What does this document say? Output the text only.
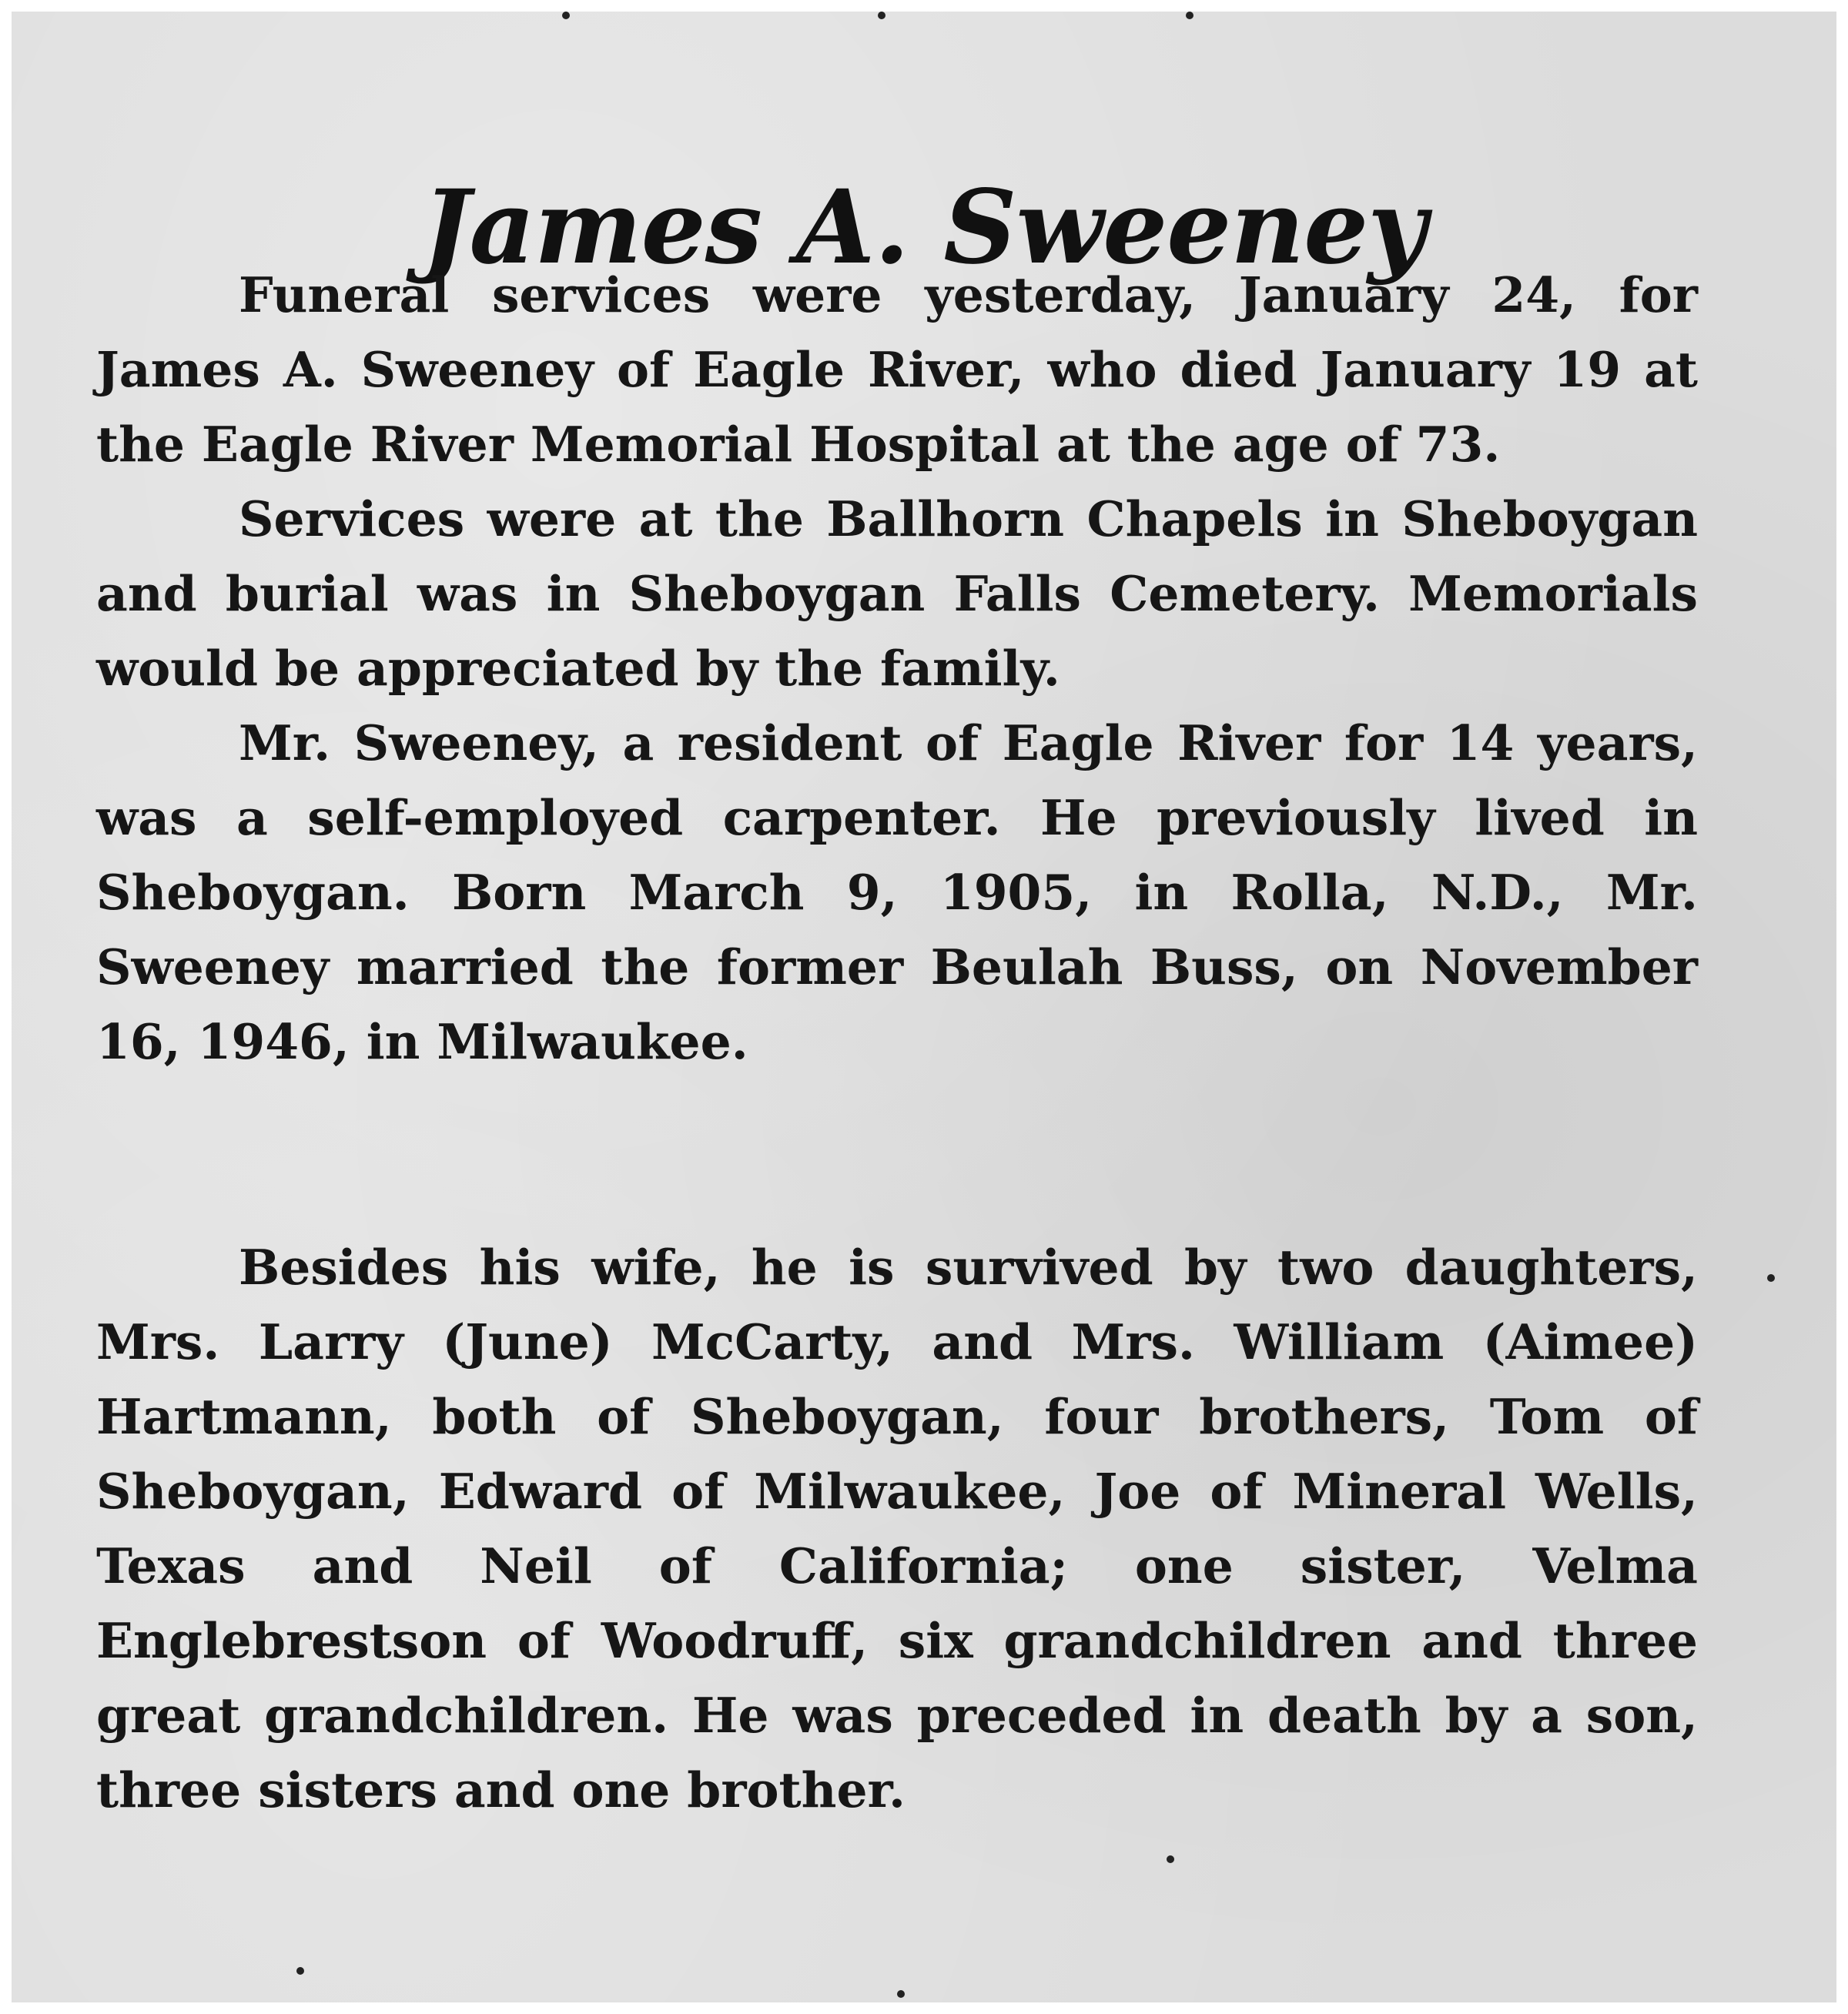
James A. Sweeney

Funeral services were yesterday, January 24, for James A. Sweeney of Eagle River, who died January 19 at the Eagle River Memorial Hospital at the age of 73.

Services were at the Ballhorn Chapels in Sheboygan and burial was in Sheboygan Falls Cemetery. Memorials would be appreciated by the family.

Mr. Sweeney, a resident of Eagle River for 14 years, was a self-employed carpenter. He previously lived in Sheboygan. Born March 9, 1905, in Rolla, N.D., Mr. Sweeney married the former Beulah Buss, on November 16, 1946, in Milwaukee.

Besides his wife, he is survived by two daughters, Mrs. Larry (June) McCarty, and Mrs. William (Aimee) Hartmann, both of Sheboygan, four brothers, Tom of Sheboygan, Edward of Milwaukee, Joe of Mineral Wells, Texas and Neil of California; one sister, Velma Englebrestson of Woodruff, six grandchildren and three great grandchildren. He was preceded in death by a son, three sisters and one brother.
